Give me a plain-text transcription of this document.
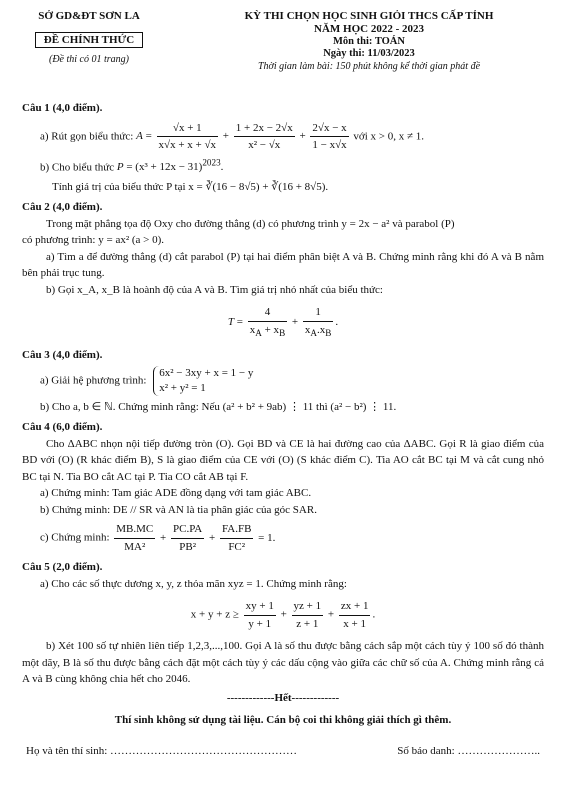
SỞ GD&ĐT SƠN LA
ĐỀ CHÍNH THỨC
(Đề thi có 01 trang)
KỲ THI CHỌN HỌC SINH GIỎI THCS CẤP TỈNH
NĂM HỌC 2022 - 2023
Môn thi: TOÁN
Ngày thi: 11/03/2023
Thời gian làm bài: 150 phút không kể thời gian phát đề
Câu 1 (4,0 điểm).
a) Rút gọn biểu thức: $A = \frac{√x + 1}{x√x + x + √x} + \frac{1 + 2x - 2√x}{\text{x² − √x}} + \frac{2√x - x}{1 - x√x}$ với x > 0, x ≠ 1.
b) Cho biểu thức $P = (x^3 + 12x - 31)^{2023}$.
Tính giá trị của biểu thức P tại x = ∛(16 − 8√5) + ∛(16 + 8√5).
Câu 2 (4,0 điểm).
Trong mặt phẳng tọa độ Oxy cho đường thẳng (d) có phương trình y = 2x − a² và parabol (P)
có phương trình: y = ax² (a > 0).
a) Tìm a để đường thẳng (d) cắt parabol (P) tại hai điểm phân biệt A và B. Chứng minh rằng khi đó A và B nằm bên phải trục tung.
b) Gọi x_A, x_B là hoành độ của A và B. Tìm giá trị nhỏ nhất của biểu thức:
$T = \frac{4}{x_A + x_B} + \frac{1}{x_A.x_B}$ .
Câu 3 (4,0 điểm).
a) Giải hệ phương trình:
6x² − 3xy + x = 1 − y
x² + y² = 1
b) Cho a, b ∈ ℕ. Chứng minh rằng: Nếu (a² + b² + 9ab) ⋮ 11 thì (a² − b²) ⋮ 11.
Câu 4 (6,0 điểm).
Cho ΔABC nhọn nội tiếp đường tròn (O). Gọi BD và CE là hai đường cao của ΔABC. Gọi R là giao điểm của BD với (O) (R khác điểm B), S là giao điểm của CE với (O) (S khác điểm C). Tia AO cắt BC tại M và cắt cung nhỏ BC tại N. Tia BO cắt AC tại P. Tia CO cắt AB tại F.
a) Chứng minh: Tam giác ADE đồng dạng với tam giác ABC.
b) Chứng minh: DE // SR và AN là tia phân giác của góc SAR.
c) Chứng minh: $\frac{MB.MC}{\text{MA²}} + \frac{PC.PA}{\text{PB²}} + \frac{FA.FB}{\text{FC²}} = 1$.
Câu 5 (2,0 điểm).
a) Cho các số thực dương x, y, z thỏa mãn xyz = 1. Chứng minh rằng:
$x + y + z \ge \frac{xy + 1}{y + 1} + \frac{yz + 1}{z + 1} + \frac{zx + 1}{x + 1}$ .
b) Xét 100 số tự nhiên liên tiếp 1,2,3,...,100. Gọi A là số thu được bằng cách sắp một cách tùy ý 100 số đó thành một dãy, B là số thu được bằng cách đặt một cách tùy ý các dấu cộng vào giữa các chữ số của A. Chứng minh rằng cả A và B cùng không chia hết cho 2046.
-------------Hết-------------
Thí sinh không sử dụng tài liệu. Cán bộ coi thi không giải thích gì thêm.
Họ và tên thí sinh: ……………………………………………	Số báo danh: …………………..
